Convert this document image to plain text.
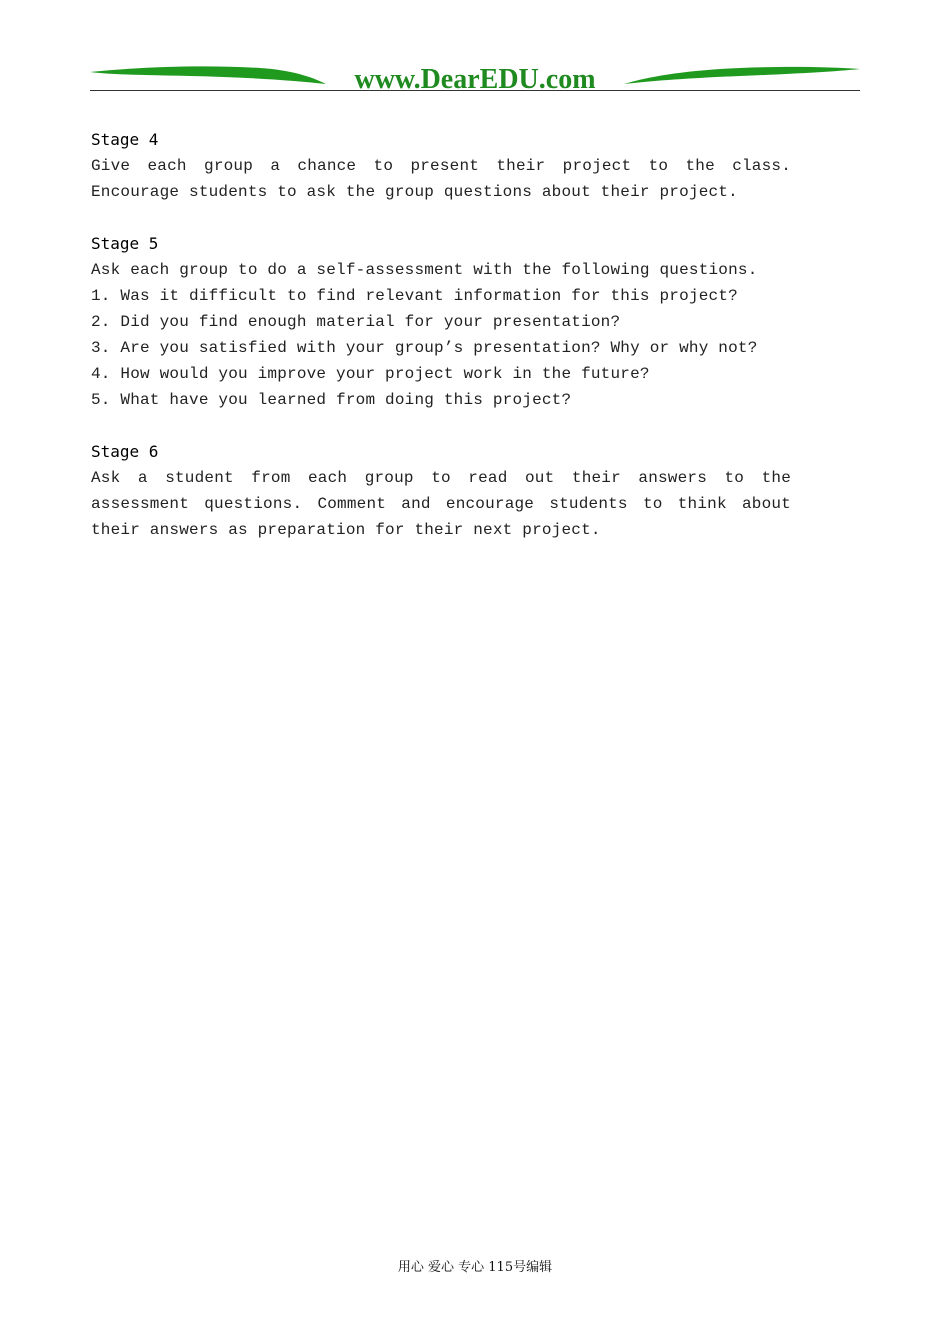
www.DearEDU.com
Stage 4
Give each group a chance to present their project to the class. Encourage students to ask the group questions about their project.
Stage 5
Ask each group to do a self-assessment with the following questions.
1. Was it difficult to find relevant information for this project?
2. Did you find enough material for your presentation?
3. Are you satisfied with your group’s presentation? Why or why not?
4. How would you improve your project work in the future?
5. What have you learned from doing this project?
Stage 6
Ask a student from each group to read out their answers to the assessment questions. Comment and encourage students to think about their answers as preparation for their next project.
用心 爱心 专心 115号编辑
